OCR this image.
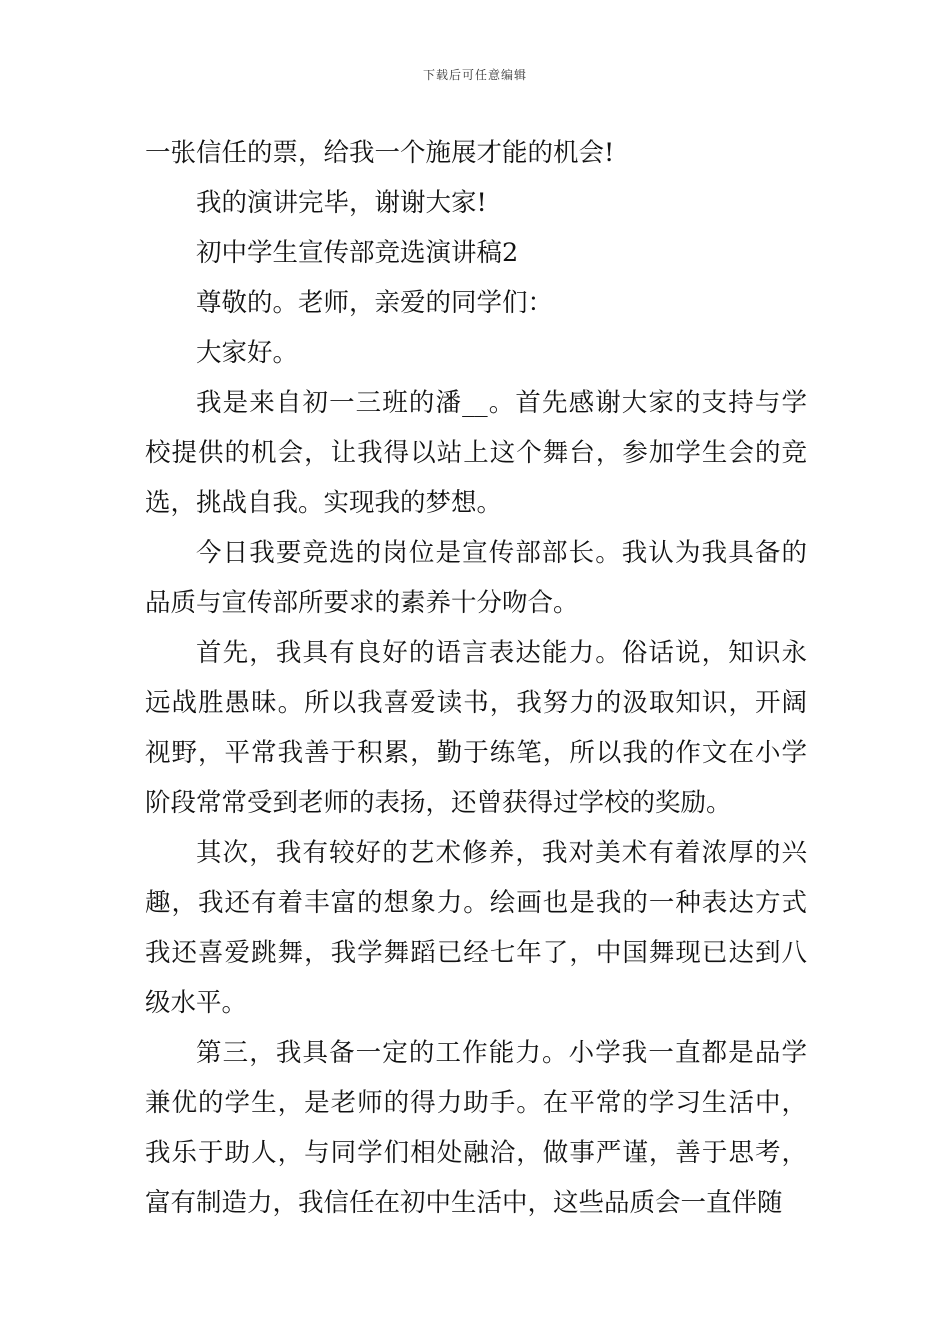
下载后可任意编辑

一张信任的票，给我一个施展才能的机会!

我的演讲完毕，谢谢大家!

初中学生宣传部竞选演讲稿2

尊敬的。老师，亲爱的同学们：

大家好。

我是来自初一三班的潘__。首先感谢大家的支持与学校提供的机会，让我得以站上这个舞台，参加学生会的竞选，挑战自我。实现我的梦想。

今日我要竞选的岗位是宣传部部长。我认为我具备的品质与宣传部所要求的素养十分吻合。

首先，我具有良好的语言表达能力。俗话说，知识永远战胜愚昧。所以我喜爱读书，我努力的汲取知识，开阔视野，平常我善于积累，勤于练笔，所以我的作文在小学阶段常常受到老师的表扬，还曾获得过学校的奖励。

其次，我有较好的艺术修养，我对美术有着浓厚的兴趣，我还有着丰富的想象力。绘画也是我的一种表达方式我还喜爱跳舞，我学舞蹈已经七年了，中国舞现已达到八级水平。

第三，我具备一定的工作能力。小学我一直都是品学兼优的学生，是老师的得力助手。在平常的学习生活中，我乐于助人，与同学们相处融洽，做事严谨，善于思考，富有制造力，我信任在初中生活中，这些品质会一直伴随
